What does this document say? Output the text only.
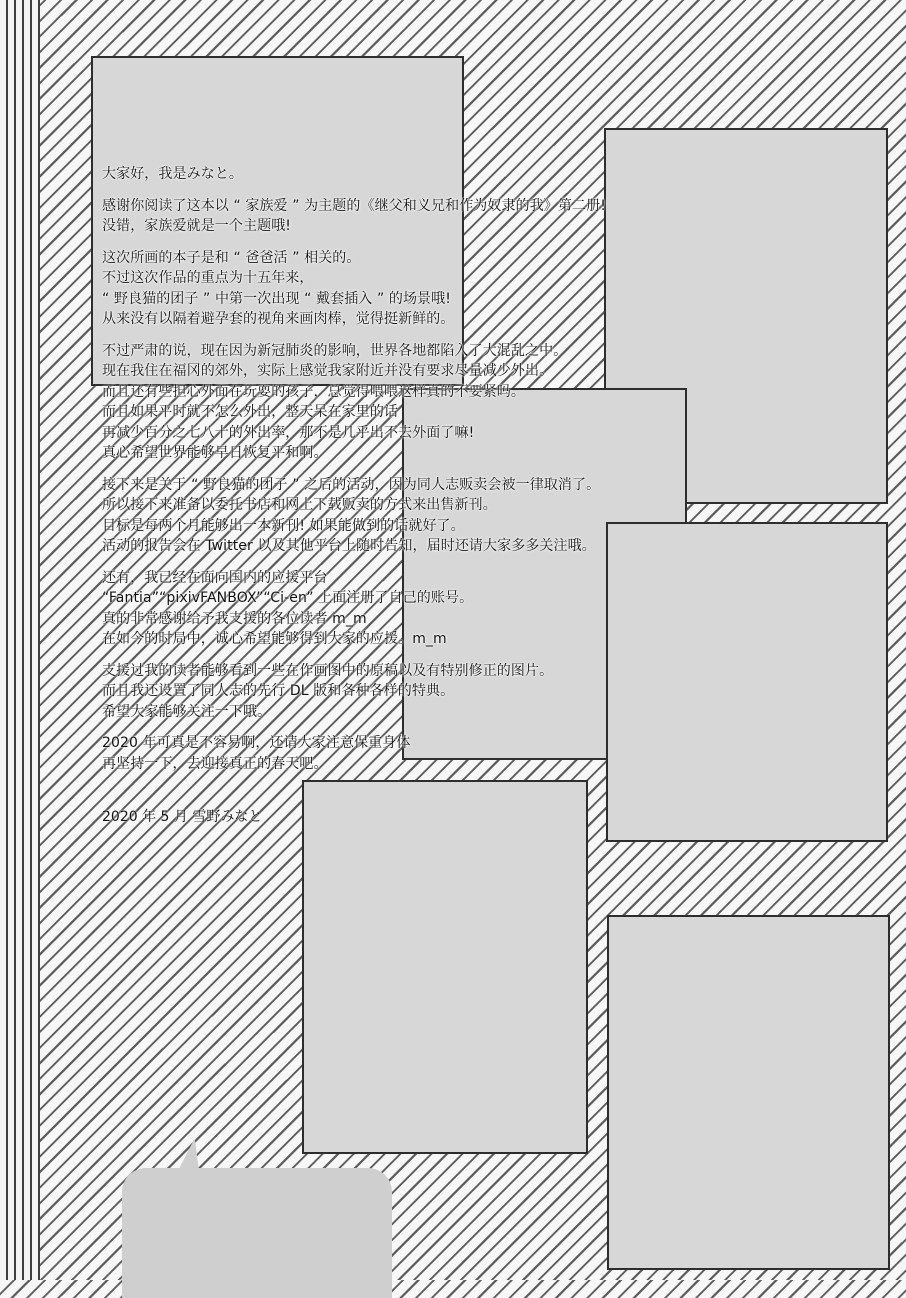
大家好，我是みなと。
感谢你阅读了这本以 “ 家族爱 ” 为主题的《继父和义兄和作为奴隶的我》第二册!
没错，家族爱就是一个主题哦!
这次所画的本子是和 “ 爸爸活 ” 相关的。
不过这次作品的重点为十五年来，
“ 野良猫的团子 ” 中第一次出现 “ 戴套插入 ” 的场景哦!
从来没有以隔着避孕套的视角来画肉棒，觉得挺新鲜的。
不过严肃的说，现在因为新冠肺炎的影响，世界各地都陷入了大混乱之中。
现在我住在福冈的郊外，实际上感觉我家附近并没有要求尽量减少外出。
而且还有些担心外面在玩耍的孩子，总觉得喂喂这样真的不要紧吗。
而且如果平时就不怎么外出，整天呆在家里的话
再减少百分之七八十的外出率，那不是几乎出不去外面了嘛!
真心希望世界能够早日恢复平和啊。
接下来是关于 “ 野良猫的团子 ” 之后的活动，因为同人志贩卖会被一律取消了。
所以接下来准备以委托书店和网上下载贩卖的方式来出售新刊。
目标是每两个月能够出一本新刊! 如果能做到的话就好了。
活动的报告会在 Twitter 以及其他平台上随时告知，届时还请大家多多关注哦。
还有，我已经在面向国内的应援平台
“Fantia”“pixivFANBOX”“Ci-en” 上面注册了自己的账号。
真的非常感谢给予我支援的各位读者 m_m
在如今的时局中，诚心希望能够得到大家的应援。m_m
支援过我的读者能够看到一些在作画图中的原稿以及有特别修正的图片。
而且我还设置了同人志的先行 DL 版和各种各样的特典。
希望大家能够关注一下哦。
2020 年可真是不容易啊，还请大家注意保重身体
再坚持一下，去迎接真正的春天吧。
2020 年 5 月 雪野みなと
